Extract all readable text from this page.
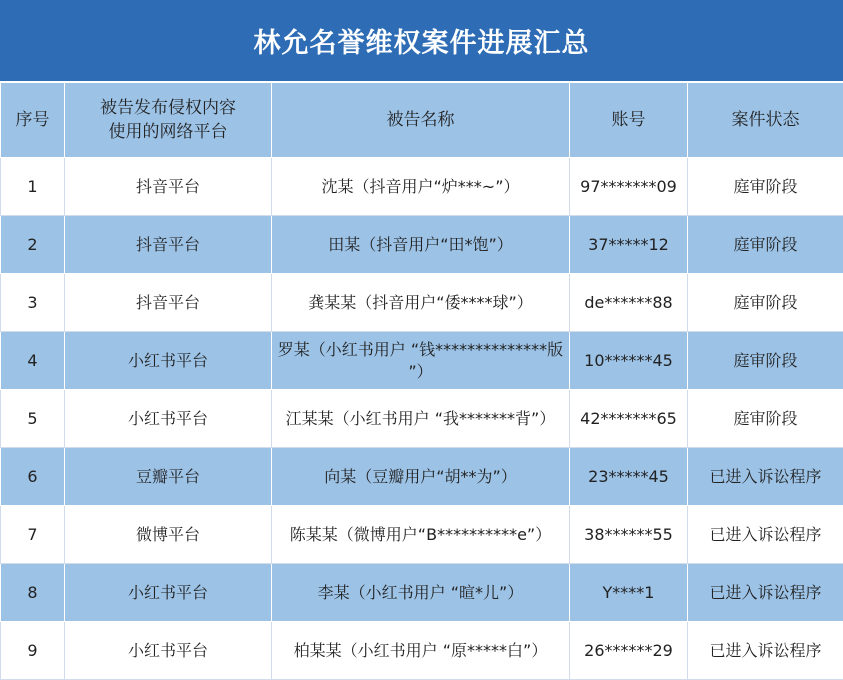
林允名誉维权案件进展汇总
序号	被告发布侵权内容
使用的网络平台	被告名称	账号	案件状态
1	抖音平台	沈某（抖音用户“炉***~”）	97*******09	庭审阶段
2	抖音平台	田某（抖音用户“田*饱”）	37*****12	庭审阶段
3	抖音平台	龚某某（抖音用户“倭****球”）	de******88	庭审阶段
4	小红书平台	罗某（小红书用户 “钱**************版
”）	10******45	庭审阶段
5	小红书平台	江某某（小红书用户 “我*******背”）	42*******65	庭审阶段
6	豆瓣平台	向某（豆瓣用户“胡**为”）	23*****45	已进入诉讼程序
7	微博平台	陈某某（微博用户“B**********e”）	38******55	已进入诉讼程序
8	小红书平台	李某（小红书用户 “暄*儿”）	Y****1	已进入诉讼程序
9	小红书平台	柏某某（小红书用户 “原*****白”）	26******29	已进入诉讼程序
